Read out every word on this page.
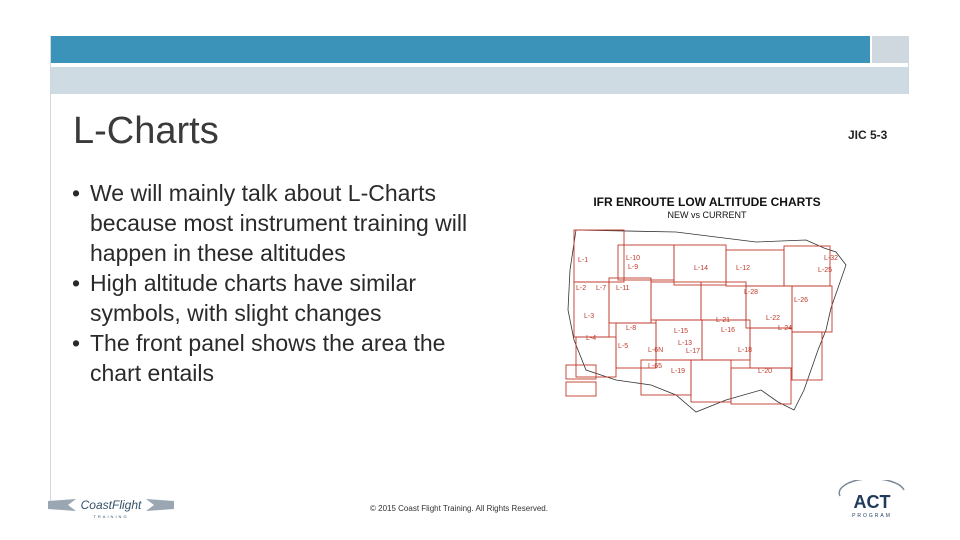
L-Charts	JIC 5-3
• We will mainly talk about L-Charts because most instrument training will happen in these altitudes
• High altitude charts have similar symbols, with slight changes
• The front panel shows the area the chart entails
IFR ENROUTE LOW ALTITUDE CHARTS
NEW vs CURRENT
L-10
L-9	L-12
L-11
L-2 L-7
L-1
L-8
L-6N
L-21
L-16
L-13
L-15
L-17	L-18
L-19	L-20
L-14
L-26
L-25
L-22
L-24
L-32
L-3
L-5
L-65
L-28
L-4
© 2015 Coast Flight Training. All Rights Reserved.
CoastFlight
TRAINING
ACT
PROGRAM
